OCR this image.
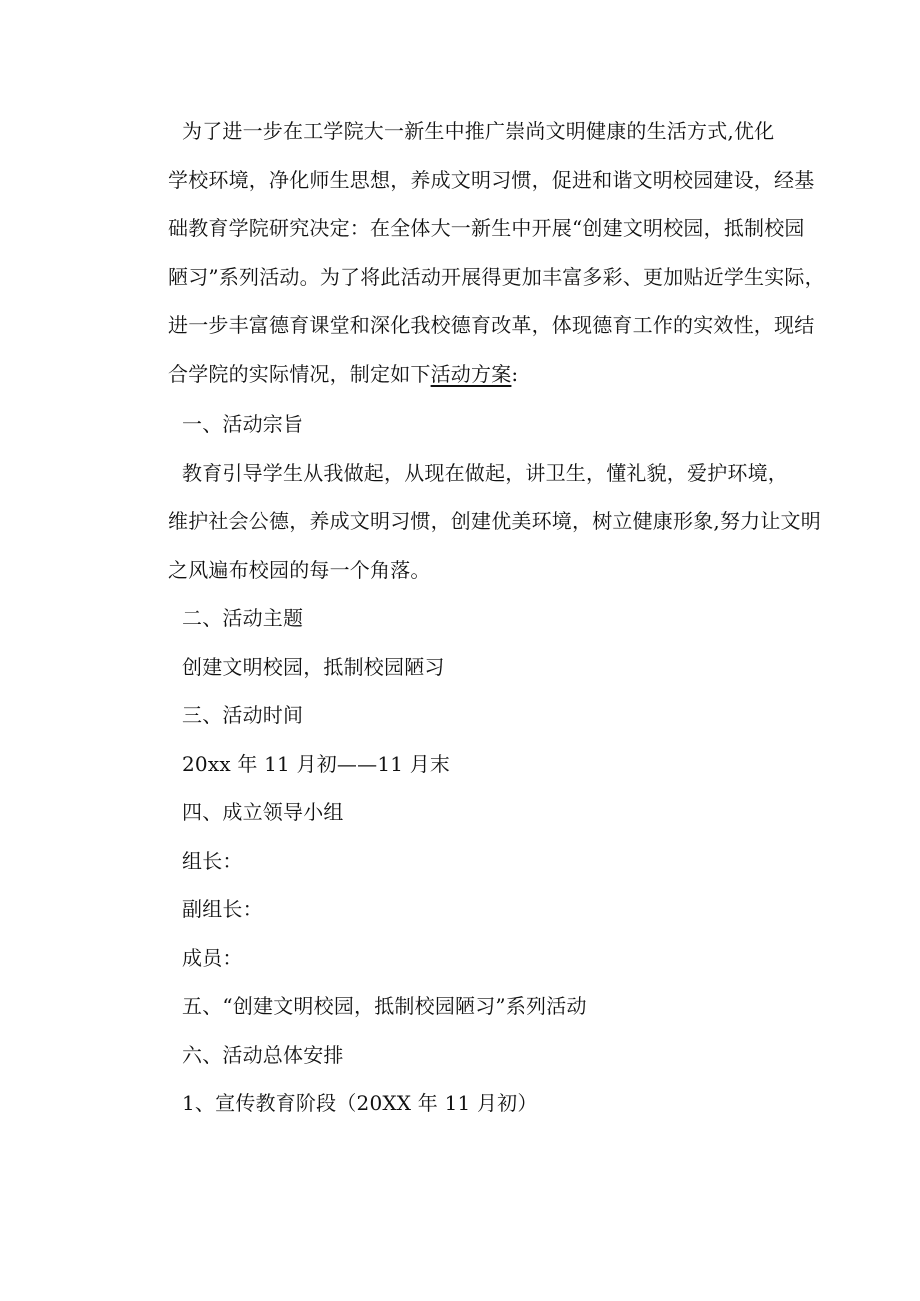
为了进一步在工学院大一新生中推广崇尚文明健康的生活方式,优化
学校环境，净化师生思想，养成文明习惯，促进和谐文明校园建设，经基
础教育学院研究决定：在全体大一新生中开展“创建文明校园，抵制校园
陋习”系列活动。为了将此活动开展得更加丰富多彩、更加贴近学生实际，
进一步丰富德育课堂和深化我校德育改革，体现德育工作的实效性，现结
合学院的实际情况，制定如下活动方案:
一、活动宗旨
教育引导学生从我做起，从现在做起，讲卫生，懂礼貌，爱护环境，
维护社会公德，养成文明习惯，创建优美环境，树立健康形象,努力让文明
之风遍布校园的每一个角落。
二、活动主题
创建文明校园，抵制校园陋习
三、活动时间
20xx 年 11 月初——11 月末
四、成立领导小组
组长：
副组长：
成员：
五、“创建文明校园，抵制校园陋习”系列活动
六、活动总体安排
1、宣传教育阶段（20XX 年 11 月初）
